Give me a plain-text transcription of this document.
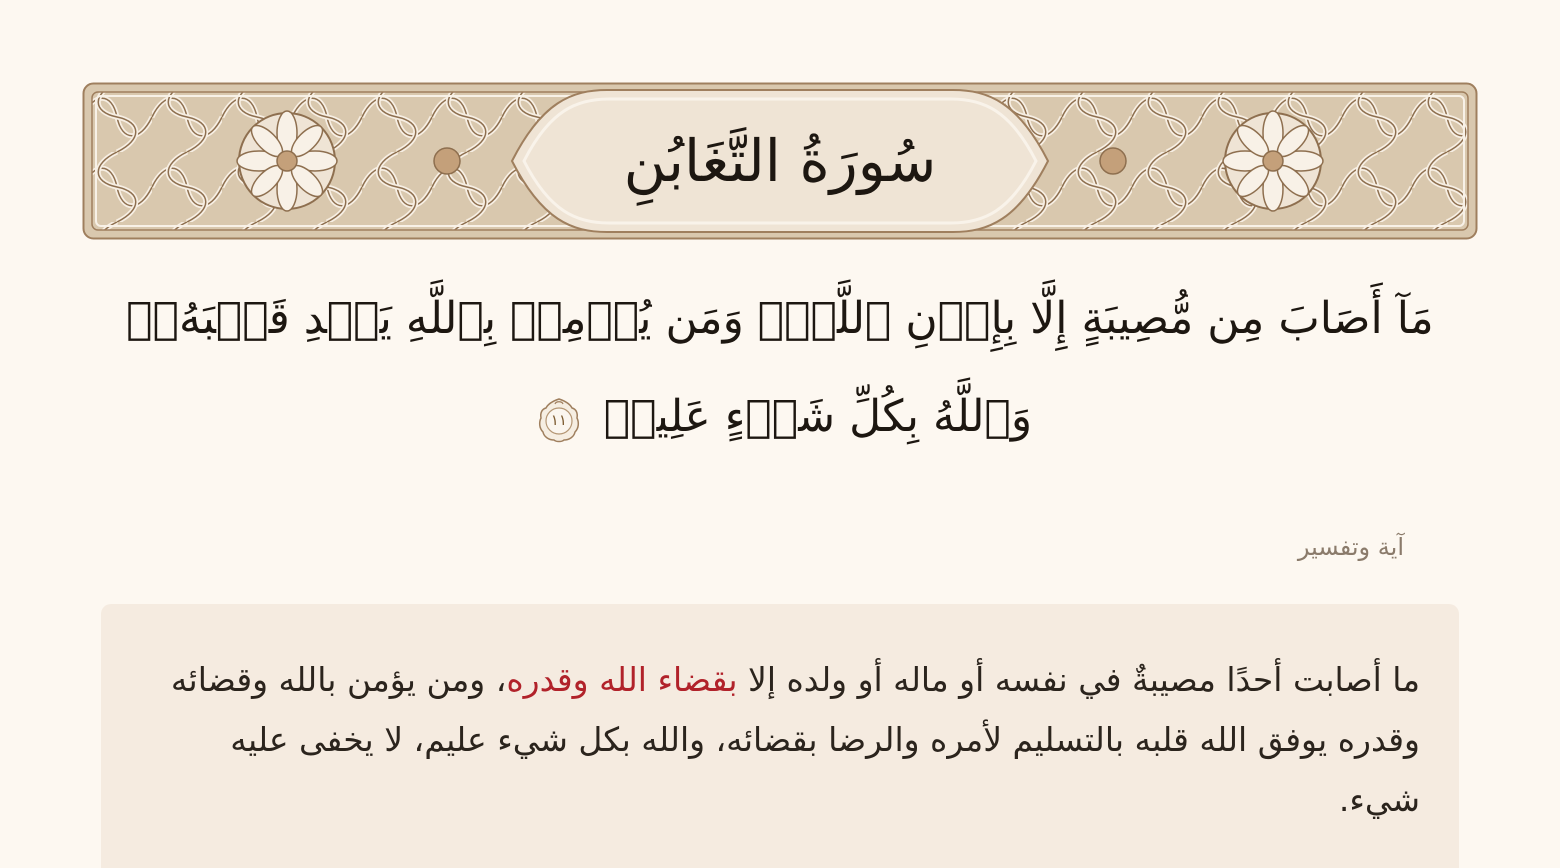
سُورَةُ التَّغَابُنِ

مَآ أَصَابَ مِن مُّصِيبَةٍ إِلَّا بِإِذۡنِ ٱللَّهِۗ وَمَن يُؤۡمِنۢ بِٱللَّهِ يَهۡدِ قَلۡبَهُۥۚ وَٱللَّهُ بِكُلِّ شَيۡءٍ عَلِيمٞ
١١

آية وتفسير

ما أصابت أحدًا مصيبةٌ في نفسه أو ماله أو ولده إلا بقضاء الله وقدره، ومن يؤمن بالله وقضائه وقدره يوفق الله قلبه بالتسليم لأمره والرضا بقضائه، والله بكل شيء عليم، لا يخفى عليه شيء.
